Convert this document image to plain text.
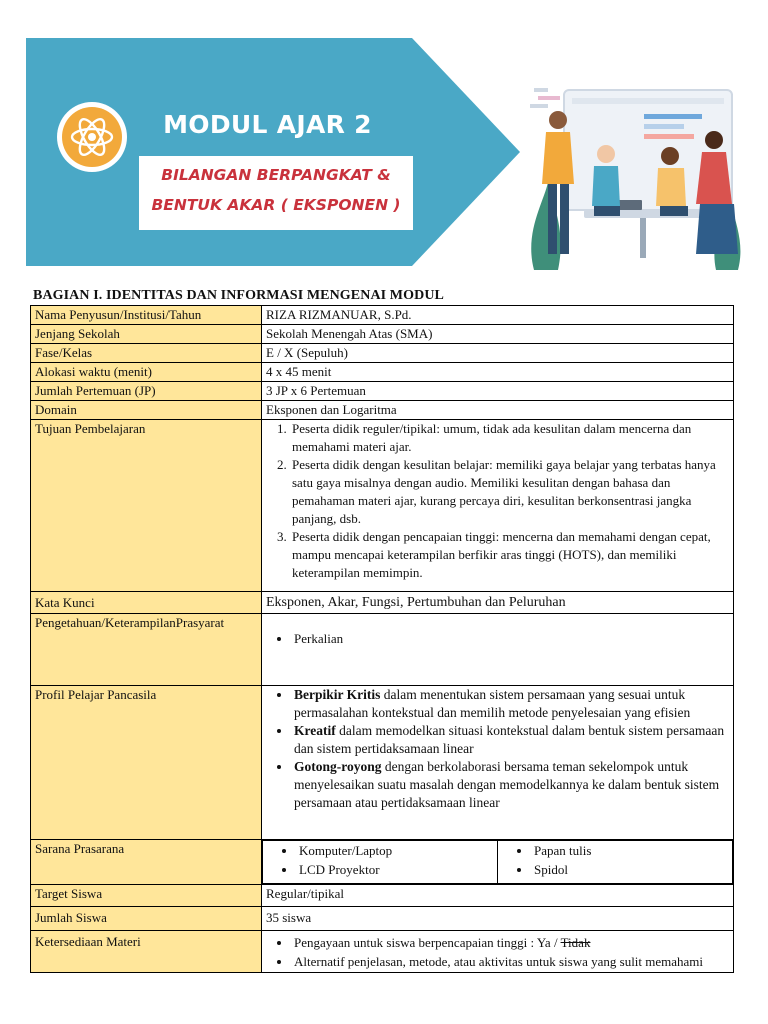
MODUL AJAR 2
BILANGAN BERPANGKAT &
BENTUK AKAR ( EKSPONEN )
BAGIAN I. IDENTITAS DAN INFORMASI MENGENAI MODUL
Nama Penyusun/Institusi/Tahun	RIZA RIZMANUAR, S.Pd.
Jenjang Sekolah	Sekolah Menengah Atas (SMA)
Fase/Kelas	E / X (Sepuluh)
Alokasi waktu (menit)	4 x 45 menit
Jumlah Pertemuan (JP)	3 JP x 6 Pertemuan
Domain	Eksponen dan Logaritma
Tujuan Pembelajaran	
1.Peserta didik reguler/tipikal: umum, tidak ada kesulitan dalam mencerna dan memahami materi ajar.
2. Peserta didik dengan kesulitan belajar: memiliki gaya belajar yang terbatas hanya satu gaya misalnya dengan audio. Memiliki kesulitan dengan bahasa dan pemahaman materi ajar, kurang percaya diri, kesulitan berkonsentrasi jangka panjang, dsb.
3. Peserta didik dengan pencapaian tinggi: mencerna dan memahami dengan cepat, mampu mencapai keterampilan berfikir aras tinggi (HOTS), dan memiliki keterampilan memimpin.

Kata Kunci	Eksponen, Akar, Fungsi, Pertumbuhan dan Peluruhan
Pengetahuan/KeterampilanPrasyarat	
• Perkalian

Profil Pelajar Pancasila	
•Berpikir Kritis dalam menentukan sistem persamaan yang sesuai untuk permasalahan kontekstual dan memilih metode penyelesaian yang efisien
• Kreatif dalam memodelkan situasi kontekstual dalam bentuk sistem persamaan dan sistem pertidaksamaan linear
• Gotong-royong dengan berkolaborasi bersama teman sekelompok untuk menyelesaikan suatu masalah dengan memodelkannya ke dalam bentuk sistem persamaan atau pertidaksamaan linear

Sarana Prasarana	
•	Komputer/Laptop
• LCD Proyektor

• Papan tulis
• Spidol

Target Siswa	Regular/tipikal
Jumlah Siswa	35 siswa
Ketersediaan Materi	
•Pengayaan untuk siswa berpencapaian tinggi : Ya / Tidak
• Alternatif penjelasan, metode, atau aktivitas untuk siswa yang sulit memahami
